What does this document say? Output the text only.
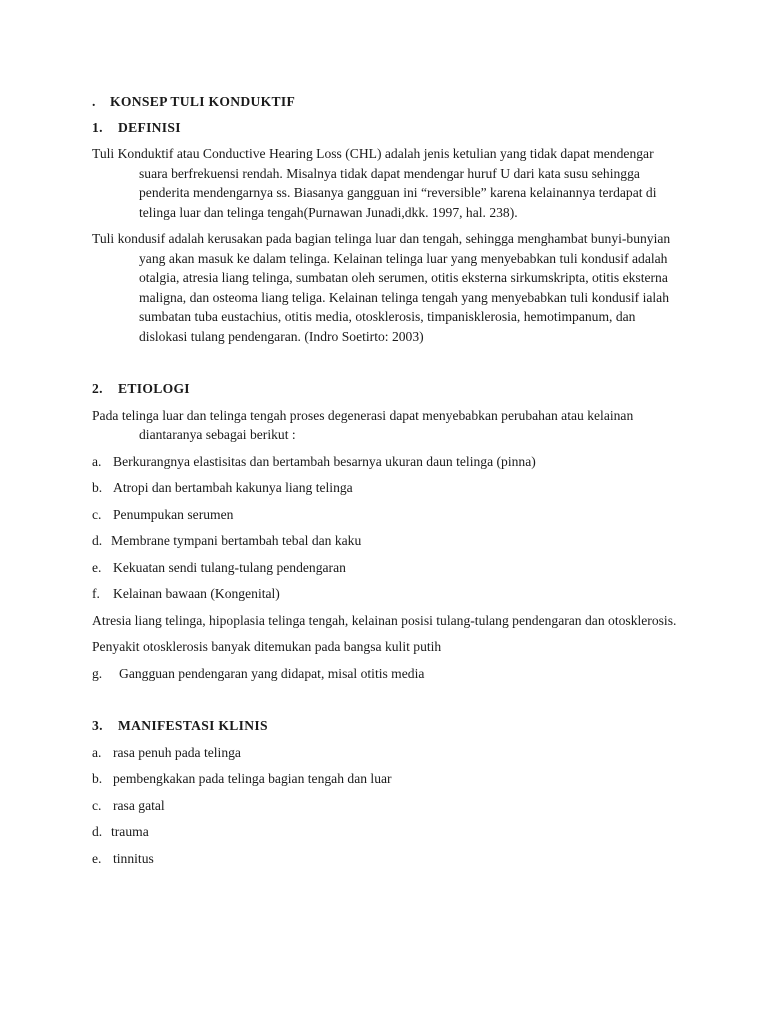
. KONSEP TULI KONDUKTIF

1. DEFINISI

Tuli Konduktif atau Conductive Hearing Loss (CHL) adalah jenis ketulian yang tidak dapat mendengar suara berfrekuensi rendah. Misalnya tidak dapat mendengar huruf U dari kata susu sehingga penderita mendengarnya ss. Biasanya gangguan ini “reversible” karena kelainannya terdapat di telinga luar dan telinga tengah(Purnawan Junadi,dkk. 1997, hal. 238).

Tuli kondusif adalah kerusakan pada bagian telinga luar dan tengah, sehingga menghambat bunyi-bunyian yang akan masuk ke dalam telinga. Kelainan telinga luar yang menyebabkan tuli kondusif adalah otalgia, atresia liang telinga, sumbatan oleh serumen, otitis eksterna sirkumskripta, otitis eksterna maligna, dan osteoma liang teliga. Kelainan telinga tengah yang menyebabkan tuli kondusif ialah sumbatan tuba eustachius, otitis media, otosklerosis, timpanisklerosia, hemotimpanum, dan dislokasi tulang pendengaran. (Indro Soetirto: 2003)

2. ETIOLOGI

Pada telinga luar dan telinga tengah proses degenerasi dapat menyebabkan perubahan atau kelainan diantaranya sebagai berikut :

a. Berkurangnya elastisitas dan bertambah besarnya ukuran daun telinga (pinna)

b. Atropi dan bertambah kakunya liang telinga

c. Penumpukan serumen

d. Membrane tympani bertambah tebal dan kaku

e. Kekuatan sendi tulang-tulang pendengaran

f. Kelainan bawaan (Kongenital)

Atresia liang telinga, hipoplasia telinga tengah, kelainan posisi tulang-tulang pendengaran dan otosklerosis.

Penyakit otosklerosis banyak ditemukan pada bangsa kulit putih

g. Gangguan pendengaran yang didapat, misal otitis media

3. MANIFESTASI KLINIS

a. rasa penuh pada telinga

b. pembengkakan pada telinga bagian tengah dan luar

c. rasa gatal

d. trauma

e. tinnitus
